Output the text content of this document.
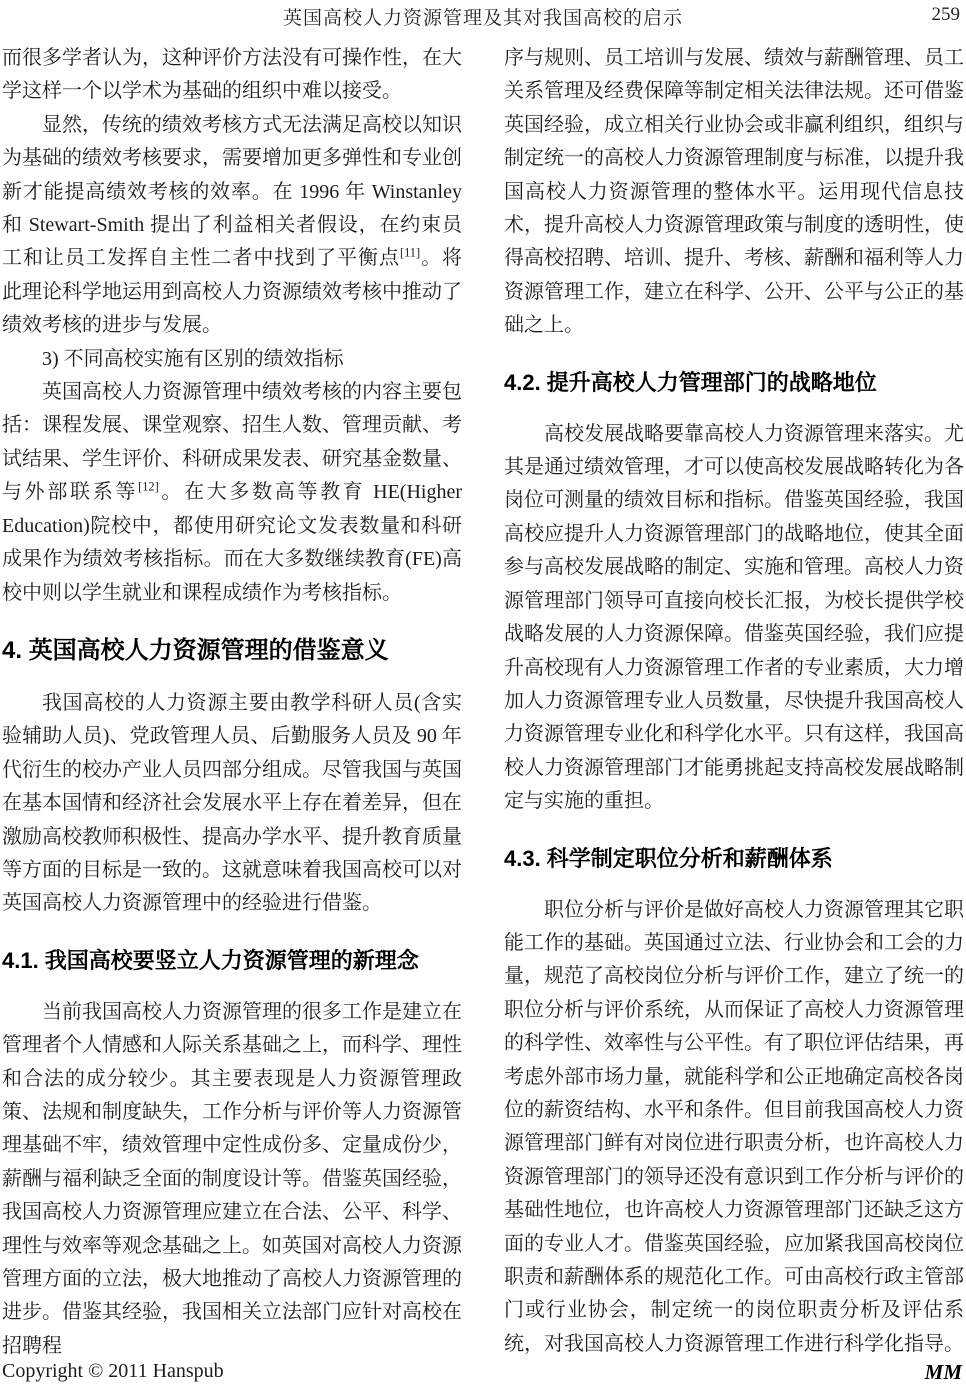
英国高校人力资源管理及其对我国高校的启示	259

而很多学者认为，这种评价方法没有可操作性，在大学这样一个以学术为基础的组织中难以接受。

显然，传统的绩效考核方式无法满足高校以知识为基础的绩效考核要求，需要增加更多弹性和专业创新才能提高绩效考核的效率。在 1996 年 Winstanley 和 Stewart-Smith 提出了利益相关者假设，在约束员工和让员工发挥自主性二者中找到了平衡点[11]。将此理论科学地运用到高校人力资源绩效考核中推动了绩效考核的进步与发展。

3) 不同高校实施有区别的绩效指标

英国高校人力资源管理中绩效考核的内容主要包括：课程发展、课堂观察、招生人数、管理贡献、考试结果、学生评价、科研成果发表、研究基金数量、与外部联系等[12]。在大多数高等教育 HE(Higher Education)院校中，都使用研究论文发表数量和科研成果作为绩效考核指标。而在大多数继续教育(FE)高校中则以学生就业和课程成绩作为考核指标。

4. 英国高校人力资源管理的借鉴意义

我国高校的人力资源主要由教学科研人员(含实验辅助人员)、党政管理人员、后勤服务人员及 90 年代衍生的校办产业人员四部分组成。尽管我国与英国在基本国情和经济社会发展水平上存在着差异，但在激励高校教师积极性、提高办学水平、提升教育质量等方面的目标是一致的。这就意味着我国高校可以对英国高校人力资源管理中的经验进行借鉴。

4.1. 我国高校要竖立人力资源管理的新理念

当前我国高校人力资源管理的很多工作是建立在管理者个人情感和人际关系基础之上，而科学、理性和合法的成分较少。其主要表现是人力资源管理政策、法规和制度缺失，工作分析与评价等人力资源管理基础不牢，绩效管理中定性成份多、定量成份少，薪酬与福利缺乏全面的制度设计等。借鉴英国经验，我国高校人力资源管理应建立在合法、公平、科学、理性与效率等观念基础之上。如英国对高校人力资源管理方面的立法，极大地推动了高校人力资源管理的进步。借鉴其经验，我国相关立法部门应针对高校在招聘程

序与规则、员工培训与发展、绩效与薪酬管理、员工关系管理及经费保障等制定相关法律法规。还可借鉴英国经验，成立相关行业协会或非赢利组织，组织与制定统一的高校人力资源管理制度与标准，以提升我国高校人力资源管理的整体水平。运用现代信息技术，提升高校人力资源管理政策与制度的透明性，使得高校招聘、培训、提升、考核、薪酬和福利等人力资源管理工作，建立在科学、公开、公平与公正的基础之上。

4.2. 提升高校人力管理部门的战略地位

高校发展战略要靠高校人力资源管理来落实。尤其是通过绩效管理，才可以使高校发展战略转化为各岗位可测量的绩效目标和指标。借鉴英国经验，我国高校应提升人力资源管理部门的战略地位，使其全面参与高校发展战略的制定、实施和管理。高校人力资源管理部门领导可直接向校长汇报，为校长提供学校战略发展的人力资源保障。借鉴英国经验，我们应提升高校现有人力资源管理工作者的专业素质，大力增加人力资源管理专业人员数量，尽快提升我国高校人力资源管理专业化和科学化水平。只有这样，我国高校人力资源管理部门才能勇挑起支持高校发展战略制定与实施的重担。

4.3. 科学制定职位分析和薪酬体系

职位分析与评价是做好高校人力资源管理其它职能工作的基础。英国通过立法、行业协会和工会的力量，规范了高校岗位分析与评价工作，建立了统一的职位分析与评价系统，从而保证了高校人力资源管理的科学性、效率性与公平性。有了职位评估结果，再考虑外部市场力量，就能科学和公正地确定高校各岗位的薪资结构、水平和条件。但目前我国高校人力资源管理部门鲜有对岗位进行职责分析，也许高校人力资源管理部门的领导还没有意识到工作分析与评价的基础性地位，也许高校人力资源管理部门还缺乏这方面的专业人才。借鉴英国经验，应加紧我国高校岗位职责和薪酬体系的规范化工作。可由高校行政主管部门或行业协会，制定统一的岗位职责分析及评估系统，对我国高校人力资源管理工作进行科学化指导。

Copyright © 2011 Hanspub	MM
